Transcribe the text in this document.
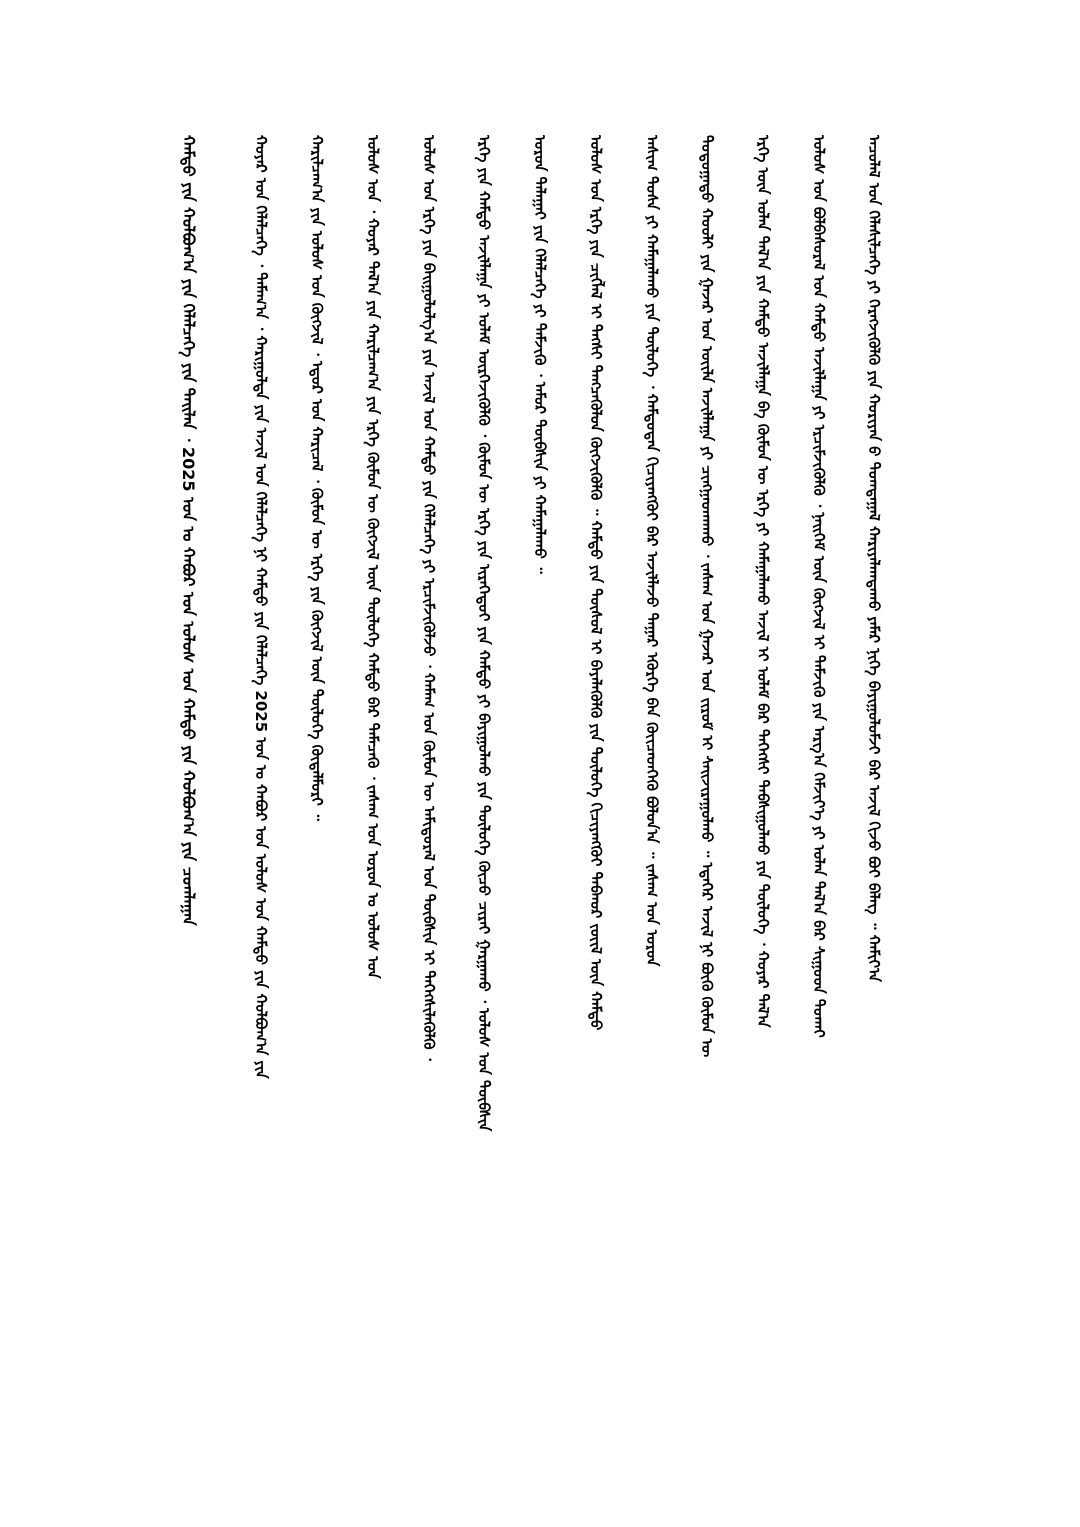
ᠠᠴᠤᠯᠠᠯ ᠤᠨ ᠬᠡᠯᠡᠰᠢᠯᠴᠡᠭᠡ ᠶᠢ ᠬᠡᠷᠡᠭᠵᠢᠭᠦᠯᠬᠦ ᠶᠢᠨ ᠬᠣᠷᠢᠶᠠᠨ ᠤ᠋ ᠲᠣᠭᠲᠠᠭᠠᠯ ᠬᠠᠷᠢᠶᠠᠯᠠᠭᠳᠠᠬᠤ ᠶᠠᠮᠠᠷ ᠨᠢᠭᠡ ᠪᠠᠶᠢᠭᠤᠯᠤᠮᠵᠢ ᠪᠡᠷ ᠠᠵᠢᠯ ᠬᠢᠵᠦ ᠪᠤᠶ ᠪᠡᠯᠡᠭ ᠃ ᠬᠠᠮᠢᠶ᠎ᠠ
ᠤᠯᠤᠰ ᠤᠨ ᠪᠣᠯᠪᠠᠰᠤᠷᠠᠯ ᠤᠨ ᠬᠠᠮᠲᠤ ᠠᠵᠢᠯᠯᠠᠭᠠ ᠶᠢ ᠡᠷᠴᠢᠮᠵᠢᠭᠦᠯᠬᠦ ᠂ ᠨᠡᠢᠭᠡᠮ ᠦᠨ ᠬᠦᠭᠵᠢᠯ ᠢ ᠳᠡᠮᠵᠢᠬᠦ ᠶᠢᠨ ᠠᠷᠭ᠎ᠠ ᠬᠡᠮᠵᠢᠶ᠎ᠡ ᠶᠢ ᠣᠯᠠᠨ ᠲᠠᠯ᠎ᠠ ᠪᠡᠷ ᠰᠢᠭᠤᠳ ᠲᠤᠬᠠᠢ
ᠡᠷᠬᠡ ᠦᠨ ᠣᠯᠠᠨ ᠲᠠᠯ᠎ᠠ ᠶᠢᠨ ᠬᠠᠮᠲᠤ ᠠᠵᠢᠯᠯᠠᠭᠠ ᠪᠠ ᠬᠦᠮᠦᠨ ᠦ ᠡᠷᠬᠡ ᠶᠢ ᠬᠠᠮᠠᠭᠠᠯᠠᠬᠤ ᠠᠵᠢᠯ ᠢ ᠤᠯᠠᠮ ᠪᠡᠷ ᠳᠡᠭᠡᠭᠰᠢ ᠳᠠᠪᠰᠢᠭᠤᠯᠬᠤ ᠶᠢᠨ ᠲᠥᠯᠦᠭᠡ ᠂ ᠬᠣᠶᠠᠷ ᠲᠠᠯ᠎ᠠ
ᠳᠣᠲᠣᠭᠠᠳᠤ ᠬᠤᠤᠯᠢ ᠶᠢᠨ ᠭᠠᠵᠠᠷ ᠤᠨ ᠦᠢᠯᠡ ᠠᠵᠢᠯᠯᠠᠭᠠ ᠶᠢ ᠴᠢᠩᠭᠠᠳᠬᠠᠬᠤ ᠂ ᠵᠠᠰᠠᠭ ᠤᠨ ᠭᠠᠵᠠᠷ ᠤᠨ ᠵᠢᠷᠤᠮ ᠢ ᠰᠠᠢᠵᠢᠷᠠᠭᠤᠯᠬᠤ ᠃ ᠡᠳᠡᠭᠡᠷ ᠠᠵᠢᠯ ᠨᠢ ᠪᠦᠬᠦ ᠬᠦᠮᠦᠨ ᠦ
ᠠᠰᠢᠭ ᠲᠤᠰᠠ ᠶᠢ ᠬᠠᠮᠠᠭᠠᠯᠠᠬᠤ ᠶᠢᠨ ᠲᠥᠯᠦᠭᠡ ᠂ ᠬᠠᠮᠲᠤᠳᠠᠨ ᠬᠢᠴᠢᠶᠡᠩᠭᠦᠢ ᠪᠠᠷ ᠠᠵᠢᠯᠯᠠᠵᠤ ᠲᠠᠭᠠᠷ ᠡᠭᠦᠷᠭᠡ ᠪᠡᠨ ᠭᠦᠢᠴᠡᠳᠬᠡᠬᠦ ᠪᠣᠯᠤᠨ᠎ᠠ ᠃ ᠵᠠᠰᠠᠭ ᠤᠨ ᠣᠷᠤᠨ
ᠤᠯᠤᠰ ᠤᠨ ᠡᠷᠬᠡ ᠶᠢᠨ ᠴᠢᠭᠯᠡᠯ ᠢ ᠲᠡᠭᠰᠢ ᠲᠡᠩᠴᠡᠭᠦᠯᠦᠨ ᠬᠥᠭᠵᠢᠭᠦᠯᠬᠦ ᠃ ᠬᠠᠮᠲᠤ ᠶᠢᠨ ᠲᠦᠰᠦᠯ ᠢ ᠪᠡᠶᠡᠯᠡᠭᠦᠯᠬᠦ ᠶᠢᠨ ᠲᠥᠯᠦᠭᠡ ᠬᠢᠴᠢᠶᠡᠩᠭᠦᠢ ᠳᠠᠪᠬᠤᠷ ᠵᠦᠢᠯ ᠦᠨ ᠬᠠᠮᠲᠤ
ᠤᠷᠤᠨ ᠳᠠᠯᠠᠭᠠᠢ ᠶᠢᠨ ᠬᠡᠯᠡᠯᠴᠡᠭᠡ ᠶᠢ ᠳᠡᠮᠵᠢᠬᠦ ᠂ ᠠᠮᠤᠷ ᠲᠦᠪᠰᠢᠨ ᠶᠢ ᠬᠠᠮᠠᠭᠠᠯᠠᠬᠤ ᠃
ᠡᠷᠬᠡ ᠶᠢᠨ ᠬᠠᠮᠲᠤ ᠠᠵᠢᠯᠯᠠᠭᠠ ᠶᠢ ᠤᠯᠠᠮ ᠥᠷᠭᠡᠵᠢᠭᠦᠯᠬᠦ ᠂ ᠬᠦᠮᠦᠨ ᠦ ᠡᠷᠬᠡ ᠶᠢᠨ ᠢᠷᠡᠭᠡᠳᠦᠢ ᠶᠢᠨ ᠬᠠᠮᠲᠤ ᠶᠢ ᠪᠠᠶᠢᠭᠤᠯᠬᠤ ᠶᠢᠨ ᠲᠥᠯᠦᠭᠡ ᠬᠦᠴᠦ ᠴᠢᠷᠠᠢ ᠭᠠᠷᠭᠠᠬᠤ ᠂ ᠤᠯᠤᠰ ᠤᠨ ᠲᠦᠪᠰᠢᠨ
ᠤᠯᠤᠰ ᠤᠨ ᠡᠷᠬᠡ ᠶᠢᠨ ᠪᠠᠢᠭᠤᠯᠤᠯᠭ᠎ᠠ ᠶᠢᠨ ᠠᠵᠢᠯ ᠤᠨ ᠬᠠᠮᠲᠤ ᠶᠢᠨ ᠬᠡᠯᠡᠯᠴᠡᠭᠡ ᠶᠢ ᠡᠷᠴᠢᠮᠵᠢᠭᠦᠯᠵᠦ ᠂ ᠬᠠᠮᠠᠭ ᠤᠨ ᠬᠦᠮᠦᠨ ᠦ ᠠᠮᠢᠳᠤᠷᠠᠯ ᠤᠨ ᠲᠦᠪᠰᠢᠨ ᠢ ᠳᠡᠭᠡᠭᠰᠢᠯᠡᠭᠦᠯᠬᠦ ᠂
ᠤᠯᠤᠰ ᠤᠨ ᠂ ᠬᠣᠶᠠᠷ ᠲᠠᠯ᠎ᠠ ᠶᠢᠨ ᠬᠠᠷᠢᠯᠴᠠᠭ᠎ᠠ ᠶᠢᠨ ᠡᠷᠬᠡ ᠬᠦᠮᠦᠨ ᠦ ᠬᠥᠭᠵᠢᠯ ᠦᠨ ᠲᠥᠯᠦᠭᠡ ᠬᠠᠮᠲᠤ ᠪᠠᠷ ᠲᠡᠮᠡᠴᠡᠬᠦ ᠂ ᠵᠠᠰᠠᠭ ᠤᠨ ᠣᠷᠤᠨ ᠤ ᠤᠯᠤᠰ ᠤᠨ
ᠬᠠᠷᠢᠯᠴᠠᠭ᠎ᠠ ᠶᠢᠨ ᠤᠯᠤᠰ ᠤᠨ ᠬᠥᠭᠵᠢᠯ ᠂ ᠡᠳᠦᠷ ᠤᠨ ᠬᠠᠷᠢᠴᠠᠯ ᠂ ᠬᠦᠮᠦᠨ ᠦ ᠡᠷᠬᠡ ᠶᠢᠨ ᠬᠥᠭᠵᠢᠯ ᠦᠨ ᠲᠥᠯᠦᠭᠡ ᠬᠥᠳᠡᠯᠮᠦᠷᠢ ᠃
ᠬᠣᠶᠠᠷ ᠤᠨ ᠬᠡᠯᠡᠯᠴᠡᠭᠡ ᠂ ᠲᠠᠮᠠᠭ᠎ᠠ ᠂ ᠬᠠᠷᠢᠭᠤᠯᠲᠠ ᠶᠢᠨ ᠠᠵᠢᠯ ᠤᠨ ᠬᠡᠯᠡᠯᠴᠡᠭᠡ ᠨᠢ ᠬᠠᠮᠲᠤ ᠶᠢᠨ ᠬᠡᠯᠡᠯᠴᠡᠭᠡ 2025 ᠣᠨ ᠤ ᠬᠠᠪᠤᠷ ᠤᠨ ᠤᠯᠤᠰ ᠤᠨ ᠬᠠᠮᠲᠤ ᠶᠢᠨ ᠬᠣᠯᠪᠣᠭ᠎ᠠ ᠶᠢᠨ
ᠬᠠᠮᠲᠤ ᠶᠢᠨ ᠬᠣᠯᠪᠣᠭ᠎ᠠ ᠶᠢᠨ ᠬᠡᠯᠡᠯᠴᠡᠭᠡ ᠶᠢᠨ ᠲᠠᠢᠯᠠᠨ ᠂ 2025 ᠣᠨ ᠤ ᠬᠠᠪᠤᠷ ᠤᠨ ᠤᠯᠤᠰ ᠤᠨ ᠬᠠᠮᠲᠤ ᠶᠢᠨ ᠬᠣᠯᠪᠣᠭ᠎ᠠ ᠶᠢᠨ ᠴᠤᠭᠯᠠᠭᠠᠨ
